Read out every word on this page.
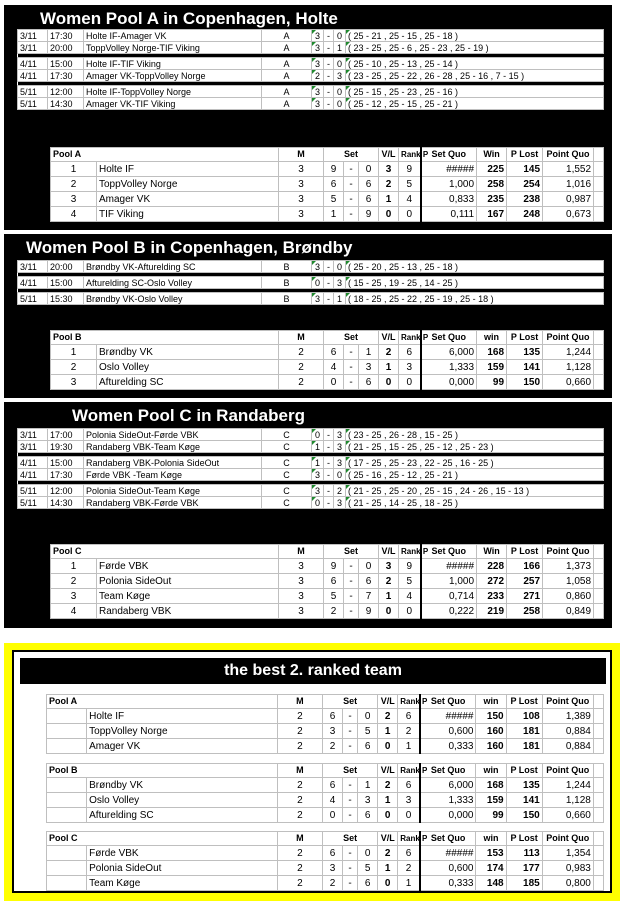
Women Pool A in Copenhagen, Holte
3/11	17:30	Holte IF-Amager VK	A	3	-	0	( 25 - 21 , 25 - 15 , 25 - 18 )
3/11	20:00	ToppVolley Norge-TIF Viking	A	3	-	1	( 23 - 25 , 25 - 6 , 25 - 23 , 25 - 19 )

4/11	15:00	Holte IF-TIF Viking	A	3	-	0	( 25 - 10 , 25 - 13 , 25 - 14 )
4/11	17:30	Amager VK-ToppVolley Norge	A	2	-	3	( 23 - 25 , 25 - 22 , 26 - 28 , 25 - 16 , 7 - 15 )

5/11	12:00	Holte IF-ToppVolley Norge	A	3	-	0	( 25 - 15 , 25 - 23 , 25 - 16 )
5/11	14:30	Amager VK-TIF Viking	A	3	-	0	( 25 - 12 , 25 - 15 , 25 - 21 )
Pool A		M	Set			V/L	Rank P	Set Quo	Win	P Lost	Point Quo	
1	Holte IF	3	9	-	0	3	9	#####	225	145	1,552	
2	ToppVolley Norge	3	6	-	6	2	5	1,000	258	254	1,016	
3	Amager VK	3	5	-	6	1	4	0,833	235	238	0,987	
4	TIF Viking	3	1	-	9	0	0	0,111	167	248	0,673	
Women Pool B in Copenhagen, Brøndby
3/11	20:00	Brøndby VK-Afturelding SC	B	3	-	0	( 25 - 20 , 25 - 13 , 25 - 18 )

4/11	15:00	Afturelding SC-Oslo Volley	B	0	-	3	( 15 - 25 , 19 - 25 , 14 - 25 )

5/11	15:30	Brøndby VK-Oslo Volley	B	3	-	1	( 18 - 25 , 25 - 22 , 25 - 19 , 25 - 18 )
Pool B		M	Set			V/L	Rank P	Set Quo	win	P Lost	Point Quo	
1	Brøndby VK	2	6	-	1	2	6	6,000	168	135	1,244	
2	Oslo Volley	2	4	-	3	1	3	1,333	159	141	1,128	
3	Afturelding SC	2	0	-	6	0	0	0,000	99	150	0,660	
Women Pool C in Randaberg
3/11	17:00	Polonia SideOut-Førde VBK	C	0	-	3	( 23 - 25 , 26 - 28 , 15 - 25 )
3/11	19:30	Randaberg VBK-Team Køge	C	1	-	3	( 21 - 25 , 15 - 25 , 25 - 12 , 25 - 23 )

4/11	15:00	Randaberg VBK-Polonia SideOut	C	1	-	3	( 17 - 25 , 25 - 23 , 22 - 25 , 16 - 25 )
4/11	17:30	Førde VBK -Team Køge	C	3	-	0	( 25 - 16 , 25 - 12 , 25 - 21 )

5/11	12:00	Polonia SideOut-Team Køge	C	3	-	2	( 21 - 25 , 25 - 20 , 25 - 15 , 24 - 26 , 15 - 13 )
5/11	14:30	Randaberg VBK-Førde VBK	C	0	-	3	( 21 - 25 , 14 - 25 , 18 - 25 )
Pool C		M	Set			V/L	Rank P	Set Quo	Win	P Lost	Point Quo	
1	Førde VBK	3	9	-	0	3	9	#####	228	166	1,373	
2	Polonia SideOut	3	6	-	6	2	5	1,000	272	257	1,058	
3	Team Køge	3	5	-	7	1	4	0,714	233	271	0,860	
4	Randaberg VBK	3	2	-	9	0	0	0,222	219	258	0,849	
the best 2. ranked team
Pool A		M	Set			V/L	Rank P	Set Quo	win	P Lost	Point Quo	
	Holte IF	2	6	-	0	2	6	#####	150	108	1,389	
	ToppVolley Norge	2	3	-	5	1	2	0,600	160	181	0,884	
	Amager VK	2	2	-	6	0	1	0,333	160	181	0,884	
Pool B		M	Set			V/L	Rank P	Set Quo	win	P Lost	Point Quo	
	Brøndby VK	2	6	-	1	2	6	6,000	168	135	1,244	
	Oslo Volley	2	4	-	3	1	3	1,333	159	141	1,128	
	Afturelding SC	2	0	-	6	0	0	0,000	99	150	0,660	
Pool C		M	Set			V/L	Rank P	Set Quo	win	P Lost	Point Quo	
	Førde VBK	2	6	-	0	2	6	#####	153	113	1,354	
	Polonia SideOut	2	3	-	5	1	2	0,600	174	177	0,983	
	Team Køge	2	2	-	6	0	1	0,333	148	185	0,800	
